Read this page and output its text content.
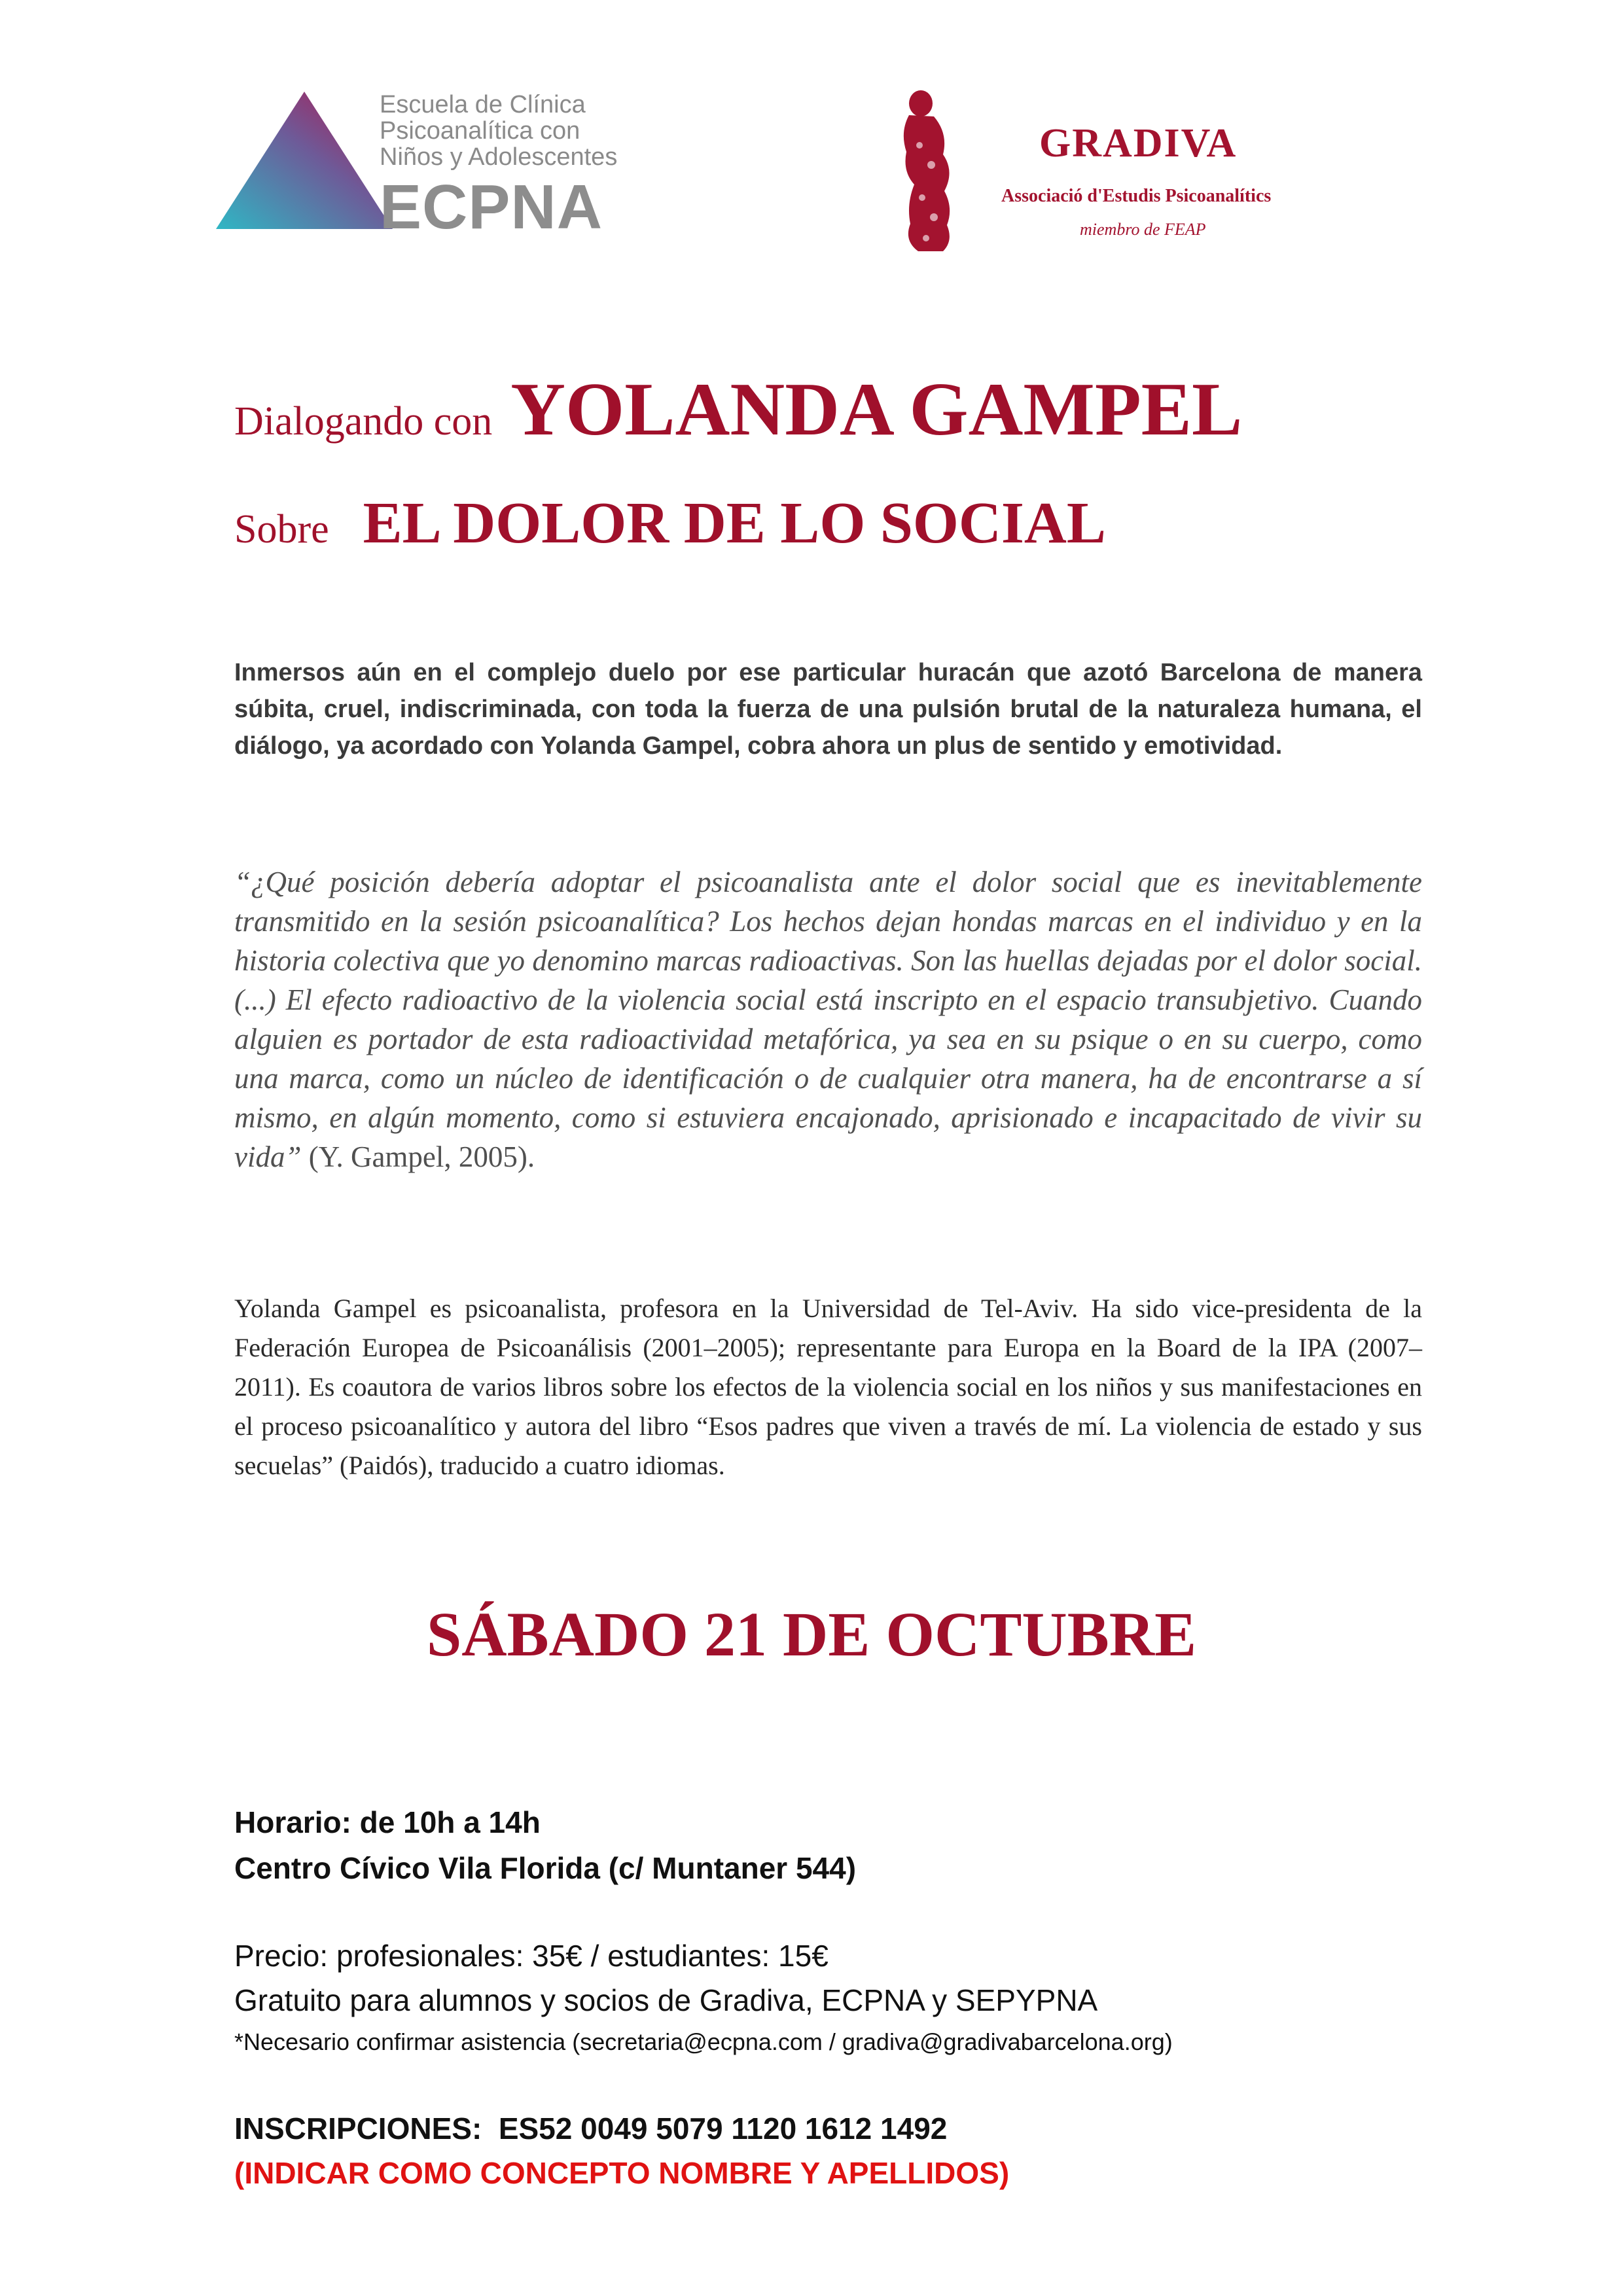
Escuela de Clínica
Psicoanalítica con
Niños y Adolescentes
ECPNA
GRADIVA
Associació d'Estudis Psicoanalítics
miembro de FEAP
Dialogando con YOLANDA GAMPEL
Sobre EL DOLOR DE LO SOCIAL
Inmersos aún en el complejo duelo por ese particular huracán que azotó Barcelona de manera súbita, cruel, indiscriminada, con toda la fuerza de una pulsión brutal de la naturaleza humana, el diálogo, ya acordado con Yolanda Gampel, cobra ahora un plus de sentido y emotividad.
“¿Qué posición debería adoptar el psicoanalista ante el dolor social que es inevitablemente transmitido en la sesión psicoanalítica? Los hechos dejan hondas marcas en el individuo y en la historia colectiva que yo denomino marcas radioactivas. Son las huellas dejadas por el dolor social. (...) El efecto radioactivo de la violencia social está inscripto en el espacio transubjetivo. Cuando alguien es portador de esta radioactividad metafórica, ya sea en su psique o en su cuerpo, como una marca, como un núcleo de identificación o de cualquier otra manera, ha de encontrarse a sí mismo, en algún momento, como si estuviera encajonado, aprisionado e incapacitado de vivir su vida” (Y. Gampel, 2005).
Yolanda Gampel es psicoanalista, profesora en la Universidad de Tel-Aviv. Ha sido vice-presidenta de la Federación Europea de Psicoanálisis (2001–2005); representante para Europa en la Board de la IPA (2007–2011). Es coautora de varios libros sobre los efectos de la violencia social en los niños y sus manifestaciones en el proceso psicoanalítico y autora del libro “Esos padres que viven a través de mí. La violencia de estado y sus secuelas” (Paidós), traducido a cuatro idiomas.
SÁBADO 21 DE OCTUBRE
Horario: de 10h a 14h
Centro Cívico Vila Florida (c/ Muntaner 544)
Precio: profesionales: 35€ / estudiantes: 15€
Gratuito para alumnos y socios de Gradiva, ECPNA y SEPYPNA
*Necesario confirmar asistencia (secretaria@ecpna.com / gradiva@gradivabarcelona.org)
INSCRIPCIONES:  ES52 0049 5079 1120 1612 1492
(INDICAR COMO CONCEPTO NOMBRE Y APELLIDOS)
